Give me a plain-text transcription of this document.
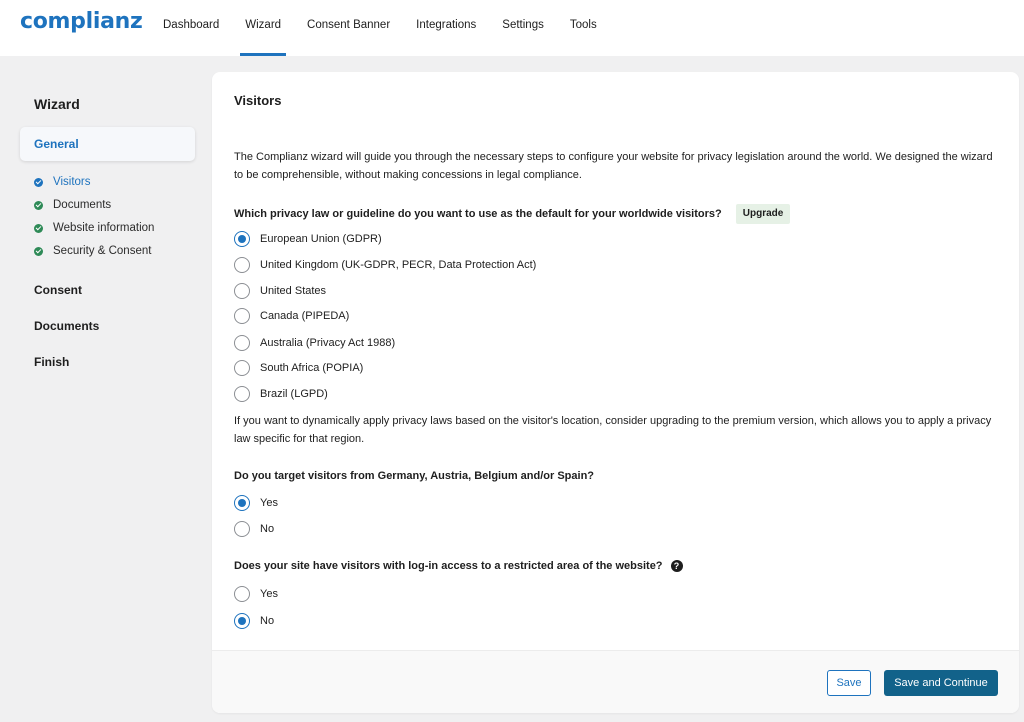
complianz	Dashboard	Wizard	Consent Banner	Integrations	Settings	Tools
Wizard
General
Visitors
Documents
Website information
Security & Consent
Consent
Documents
Finish
Visitors
The Complianz wizard will guide you through the necessary steps to configure your website for privacy legislation around the world. We designed the wizard to be comprehensible, without making concessions in legal compliance.
Which privacy law or guideline do you want to use as the default for your worldwide visitors?	Upgrade
European Union (GDPR)
United Kingdom (UK-GDPR, PECR, Data Protection Act)
United States
Canada (PIPEDA)
Australia (Privacy Act 1988)
South Africa (POPIA)
Brazil (LGPD)
If you want to dynamically apply privacy laws based on the visitor's location, consider upgrading to the premium version, which allows you to apply a privacy law specific for that region.
Do you target visitors from Germany, Austria, Belgium and/or Spain?
Yes
No
Does your site have visitors with log-in access to a restricted area of the website?	?
Yes
No
Save	Save and Continue
